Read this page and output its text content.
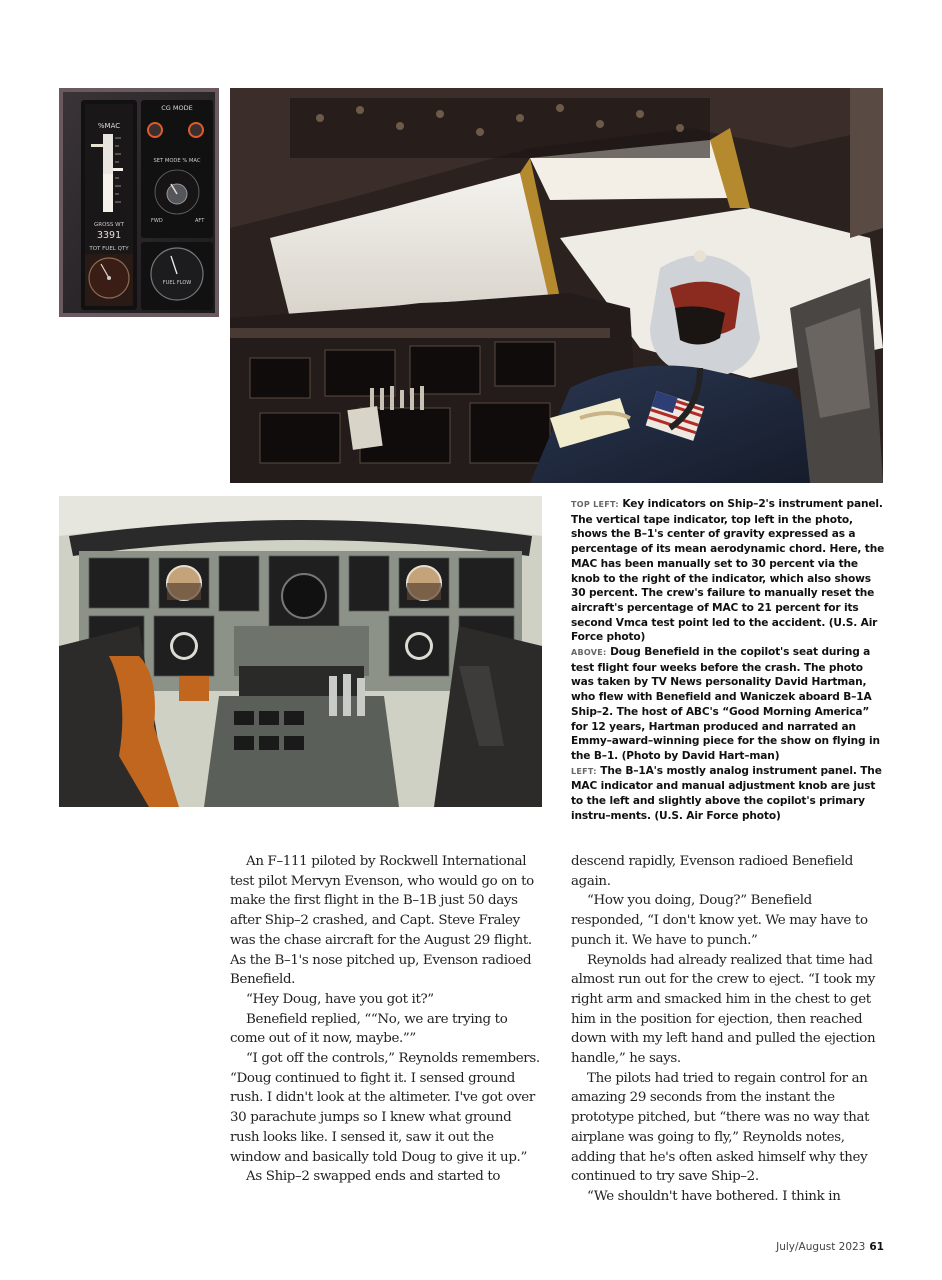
%MAC
GROSS WT
3391
TOT FUEL QTY
CG MODE
SET MODE % MAC
FWD	AFT
FUEL FLOW

TOP LEFT: Key indicators on Ship–2's instrument panel. The vertical tape indicator, top left in the photo, shows the B–1's center of gravity expressed as a percentage of its mean aerodynamic chord. Here, the MAC has been manually set to 30 percent via the knob to the right of the indicator, which also shows 30 percent. The crew's failure to manually reset the aircraft's percentage of MAC to 21 percent for its second Vmca test point led to the accident. (U.S. Air Force photo)

ABOVE: Doug Benefield in the copilot's seat during a test flight four weeks before the crash. The photo was taken by TV News personality David Hartman, who flew with Benefield and Waniczek aboard B–1A Ship–2. The host of ABC's “Good Morning America” for 12 years, Hartman produced and narrated an Emmy–award–winning piece for the show on flying in the B–1. (Photo by David Hart–man)

LEFT: The B–1A's mostly analog instrument panel. The MAC indicator and manual adjustment knob are just to the left and slightly above the copilot's primary instru–ments. (U.S. Air Force photo)

An F–111 piloted by Rockwell International test pilot Mervyn Evenson, who would go on to make the first flight in the B–1B just 50 days after Ship–2 crashed, and Capt. Steve Fraley was the chase aircraft for the August 29 flight. As the B–1's nose pitched up, Evenson radioed Benefield.

“Hey Doug, have you got it?”

Benefield replied, ““No, we are trying to come out of it now, maybe.””

“I got off the controls,” Reynolds remembers. “Doug continued to fight it. I sensed ground rush. I didn't look at the altimeter. I've got over 30 parachute jumps so I knew what ground rush looks like. I sensed it, saw it out the window and basically told Doug to give it up.”

As Ship–2 swapped ends and started to

descend rapidly, Evenson radioed Benefield again.

“How you doing, Doug?” Benefield responded, “I don't know yet. We may have to punch it. We have to punch.”

Reynolds had already realized that time had almost run out for the crew to eject. “I took my right arm and smacked him in the chest to get him in the position for ejection, then reached down with my left hand and pulled the ejection handle,” he says.

The pilots had tried to regain control for an amazing 29 seconds from the instant the prototype pitched, but “there was no way that airplane was going to fly,” Reynolds notes, adding that he's often asked himself why they continued to try save Ship–2.

“We shouldn't have bothered. I think in

July/August 2023 61
